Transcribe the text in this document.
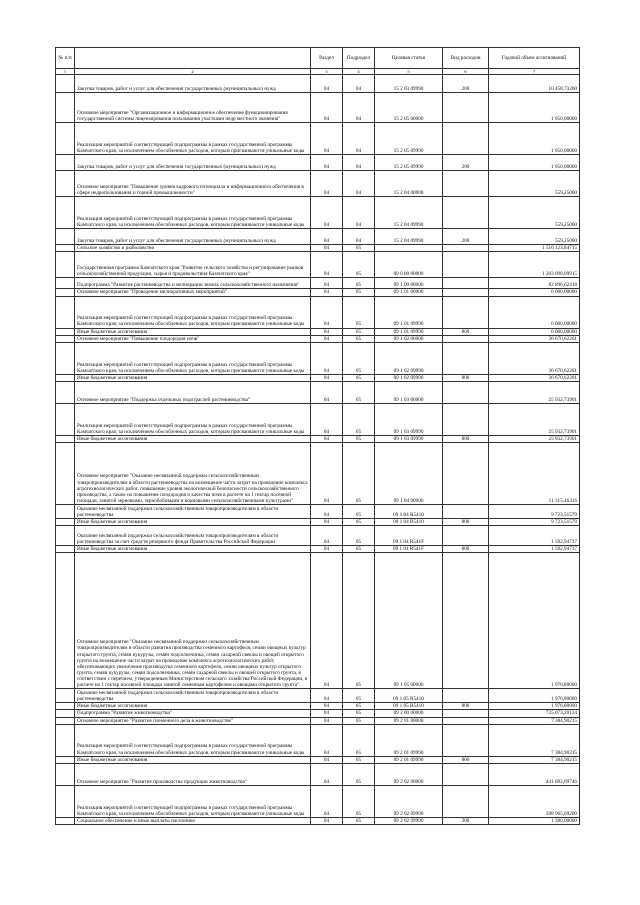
№ п/п		Раздел	Подраздел	Целевая статья	Вид расходов	Годовой объем ассигнований
1	2	3	4	5	6	7
	Закупка товаров, работ и услуг для обеспечения государственных (муниципальных) нужд	04	04	15 2 03 09990	200	10 458,73200
	Основное мероприятие "Организационное и информационное обеспечение функционирования государственной системы лицензирования пользования участками недр местного значения"	04	04	15 2 05 00000		1 950,00000
	Реализация мероприятий соответствующей подпрограммы в рамках государственной программы Камчатского края, за исключением обособленных расходов, которым присваиваются уникальные коды	04	04	15 2 05 09990		1 950,00000
	Закупка товаров, работ и услуг для обеспечения государственных (муниципальных) нужд	04	04	15 2 05 09990	200	1 950,00000
	Основное мероприятие "Повышение уровня кадрового потенциала и информационного обеспечения в сфере недропользования и горной промышленности"	04	04	15 2 04 00000		559,25000
	Реализация мероприятий соответствующей подпрограммы в рамках государственной программы Камчатского края, за исключением обособленных расходов, которым присваиваются уникальные коды	04	04	15 2 04 09990		559,25000
	Закупка товаров, работ и услуг для обеспечения государственных (муниципальных) нужд	04	04	15 2 04 09990	200	559,25000
	Сельское хозяйство и рыболовство	04	05			1 516 123,84715
	Государственная программа Камчатского края "Развитие сельского хозяйства и регулирование рынков сельскохозяйственной продукции, сырья и продовольствия Камчатского края"	04	05	09 0 00 00000		1 203 098,09915
	Подпрограмма "Развитие растениеводства и мелиорации земель сельскохозяйственного назначения"	04	05	09 1 00 00000		82 896,62418
	Основное мероприятие "Проведение мелиоративных мероприятий"	04	05	09 1 01 00000		6 000,00000
	Реализация мероприятий соответствующей подпрограммы в рамках государственной программы Камчатского края, за исключением обособленных расходов, которым присваиваются уникальные коды	04	05	09 1 01 09990		6 000,00000
	Иные бюджетные ассигнования	04	05	09 1 01 09990	800	6 000,00000
	Основное мероприятие "Повышение плодородия почв"	04	05	09 1 02 00000		36 670,62201
	Реализация мероприятий соответствующей подпрограммы в рамках государственной программы Камчатского края, за исключением обособленных расходов, которым присваиваются уникальные коды	04	05	09 1 02 09990		36 670,62201
	Иные бюджетные ассигнования	04	05	09 1 02 09990	800	36 670,62201
	Основное мероприятие "Поддержка отдельных подотраслей растениеводства"	04	05	09 1 03 00000		25 932,73901
	Реализация мероприятий соответствующей подпрограммы в рамках государственной программы Камчатского края, за исключением обособленных расходов, которым присваиваются уникальные коды	04	05	09 1 03 09990		25 932,73901
	Иные бюджетные ассигнования	04	05	09 1 03 09990	800	25 932,73901
	Основное мероприятие "Оказание несвязанной поддержки сельскохозяйственным товаропроизводителям в области растениеводства на возмещение части затрат на проведение комплекса агротехнологических работ, повышение уровня экологической безопасности сельскохозяйственного производства, а также на повышение плодородия и качества почв в расчете на 1 гектар посевной площади, занятой зерновыми, зернобобовыми и кормовыми сельскохозяйственными культурами"	04	05	09 1 04 00000		11 315,46316
	Оказание несвязанной поддержки сельскохозяйственным товаропроизводителям в области растениеводства	04	05	09 1 04 R5410		9 723,51579
	Иные бюджетные ассигнования	04	05	09 1 04 R5410	800	9 723,51579
	Оказание несвязанной поддержки сельскохозяйственным товаропроизводителям в области растениеводства за счет средств резервного фонда Правительства Российской Федерации	04	05	09 1 04 R541F		1 592,94737
	Иные бюджетные ассигнования	04	05	09 1 04 R541F	800	1 592,94737
	Основное мероприятие "Оказание несвязанной поддержки сельскохозяйственным товаропроизводителям в области развития производства семенного картофеля, семян овощных культур открытого грунта, семян кукурузы, семян подсолнечника, семян сахарной свеклы и овощей открытого грунта на возмещение части затрат на проведение комплекса агротехнологических работ, обеспечивающих увеличение производства семенного картофеля, семян овощных культур открытого грунта, семян кукурузы, семян подсолнечника, семян сахарной свеклы и овощей открытого грунта, в соответствии с перечнем, утвержденным Министерством сельского хозяйства Российской Федерации, в расчете на 1 гектар посевной площади занятой семенным картофелем и овощами открытого грунта"	04	05	09 1 05 00000		1 976,80000
	Оказание несвязанной поддержки сельскохозяйственным товаропроизводителям в области растениеводства	04	05	09 1 05 R5410		1 976,80000
	Иные бюджетные ассигнования	04	05	09 1 05 R5410	800	1 976,80000
	Подпрограмма "Развитие животноводства"	04	05	09 2 00 00000		725 073,20124
	Основное мероприятие "Развитие племенного дела в животноводстве"	04	05	09 2 01 00000		7 384,90215
	Реализация мероприятий соответствующей подпрограммы в рамках государственной программы Камчатского края, за исключением обособленных расходов, которым присваиваются уникальные коды	04	05	09 2 01 09990		7 384,90215
	Иные бюджетные ассигнования	04	05	09 2 01 09990	800	7 384,90215
	Основное мероприятие "Развитие производства продукции животноводства"	04	05	09 2 02 00000		441 692,69746
	Реализация мероприятий соответствующей подпрограммы в рамках государственной программы Камчатского края, за исключением обособленных расходов, которым присваиваются уникальные коды	04	05	09 2 02 09990		398 965,69200
	Социальное обеспечение и иные выплаты населению	04	05	09 2 02 09990	300	1 380,00000
